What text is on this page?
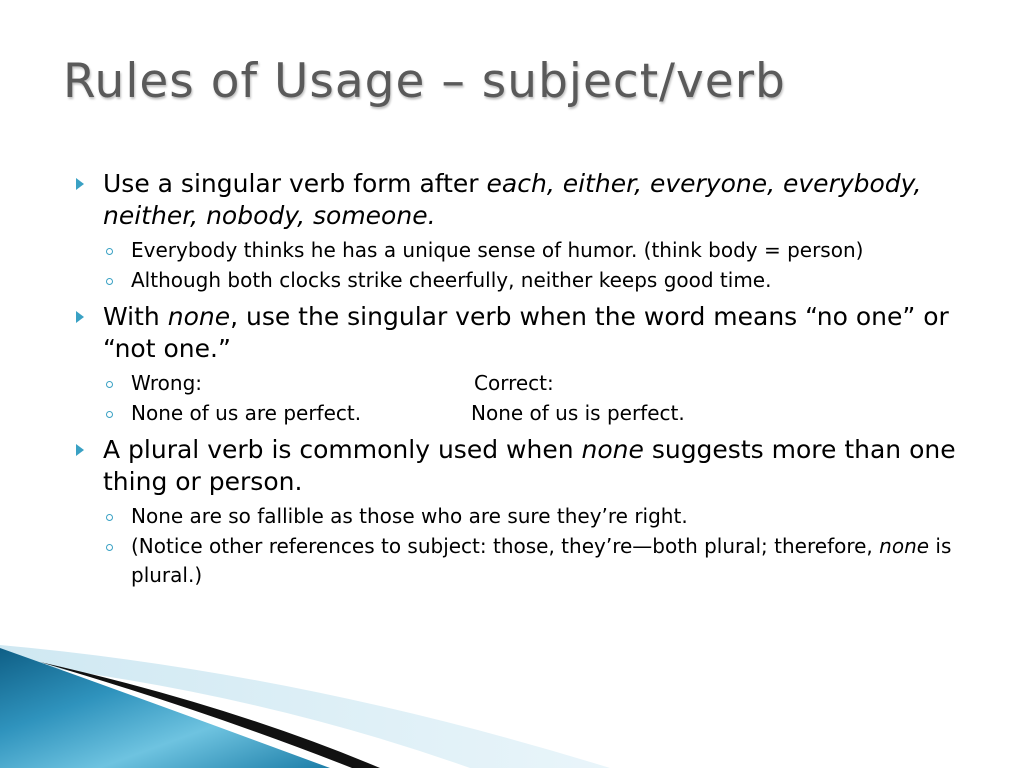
Rules of Usage – subject/verb
Use a singular verb form after each, either, everyone, everybody, neither, nobody, someone.
Everybody thinks he has a unique sense of humor. (think body = person)
Although both clocks strike cheerfully, neither keeps good time.
With none, use the singular verb when the word means “no one” or “not one.”
Wrong:	Correct:
None of us are perfect.	None of us is perfect.
A plural verb is commonly used when none suggests more than one thing or person.
None are so fallible as those who are sure they’re right.
(Notice other references to subject: those, they’re—both plural; therefore, none is plural.)
